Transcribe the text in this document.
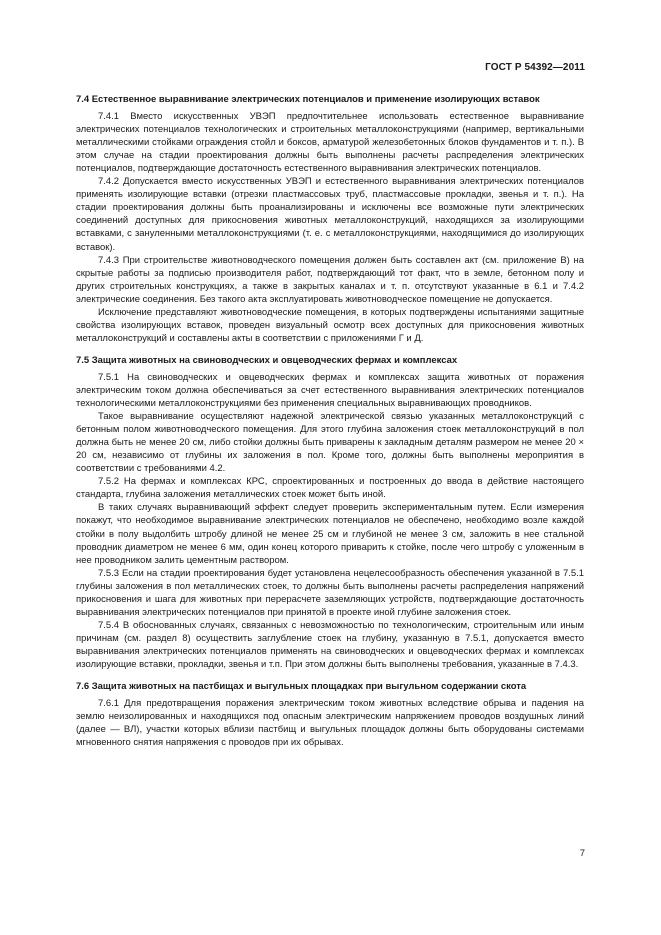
ГОСТ Р 54392—2011
7.4 Естественное выравнивание электрических потенциалов и применение изолирующих вставок

7.4.1 Вместо искусственных УВЭП предпочтительнее использовать естественное выравнивание электрических потенциалов технологических и строительных металлоконструкциями (например, вертикальными металлическими стойками ограждения стойл и боксов, арматурой железобетонных блоков фундаментов и т. п.). В этом случае на стадии проектирования должны быть выполнены расчеты распределения электрических потенциалов, подтверждающие достаточность естественного выравнивания электрических потенциалов.

7.4.2 Допускается вместо искусственных УВЭП и естественного выравнивания электрических потенциалов применять изолирующие вставки (отрезки пластмассовых труб, пластмассовые прокладки, звенья и т. п.). На стадии проектирования должны быть проанализированы и исключены все возможные пути электрических соединений доступных для прикосновения животных металлоконструкций, находящихся за изолирующими вставками, с зануленными металлоконструкциями (т. е. с металлоконструкциями, находящимися до изолирующих вставок).

7.4.3 При строительстве животноводческого помещения должен быть составлен акт (см. приложение В) на скрытые работы за подписью производителя работ, подтверждающий тот факт, что в земле, бетонном полу и других строительных конструкциях, а также в закрытых каналах и т. п. отсутствуют указанные в 6.1 и 7.4.2 электрические соединения. Без такого акта эксплуатировать животноводческое помещение не допускается.

Исключение представляют животноводческие помещения, в которых подтверждены испытаниями защитные свойства изолирующих вставок, проведен визуальный осмотр всех доступных для прикосновения животных металлоконструкций и составлены акты в соответствии с приложениями Г и Д.

7.5 Защита животных на свиноводческих и овцеводческих фермах и комплексах

7.5.1 На свиноводческих и овцеводческих фермах и комплексах защита животных от поражения электрическим током должна обеспечиваться за счет естественного выравнивания электрических потенциалов технологическими металлоконструкциями без применения специальных выравнивающих проводников.

Такое выравнивание осуществляют надежной электрической связью указанных металлоконструкций с бетонным полом животноводческого помещения. Для этого глубина заложения стоек металлоконструкций в пол должна быть не менее 20 см, либо стойки должны быть приварены к закладным деталям размером не менее 20 × 20 см, независимо от глубины их заложения в пол. Кроме того, должны быть выполнены мероприятия в соответствии с требованиями 4.2.

7.5.2 На фермах и комплексах КРС, спроектированных и построенных до ввода в действие настоящего стандарта, глубина заложения металлических стоек может быть иной.

В таких случаях выравнивающий эффект следует проверить экспериментальным путем. Если измерения покажут, что необходимое выравнивание электрических потенциалов не обеспечено, необходимо возле каждой стойки в полу выдолбить штробу длиной не менее 25 см и глубиной не менее 3 см, заложить в нее стальной проводник диаметром не менее 6 мм, один конец которого приварить к стойке, после чего штробу с уложенным в нее проводником залить цементным раствором.

7.5.3 Если на стадии проектирования будет установлена нецелесообразность обеспечения указанной в 7.5.1 глубины заложения в пол металлических стоек, то должны быть выполнены расчеты распределения напряжений прикосновения и шага для животных при перерасчете заземляющих устройств, подтверждающие достаточность выравнивания электрических потенциалов при принятой в проекте иной глубине заложения стоек.

7.5.4 В обоснованных случаях, связанных с невозможностью по технологическим, строительным или иным причинам (см. раздел 8) осуществить заглубление стоек на глубину, указанную в 7.5.1, допускается вместо выравнивания электрических потенциалов применять на свиноводческих и овцеводческих фермах и комплексах изолирующие вставки, прокладки, звенья и т.п. При этом должны быть выполнены требования, указанные в 7.4.3.

7.6 Защита животных на пастбищах и выгульных площадках при выгульном содержании скота

7.6.1 Для предотвращения поражения электрическим током животных вследствие обрыва и падения на землю неизолированных и находящихся под опасным электрическим напряжением проводов воздушных линий (далее — ВЛ), участки которых вблизи пастбищ и выгульных площадок должны быть оборудованы системами мгновенного снятия напряжения с проводов при их обрывах.

7
